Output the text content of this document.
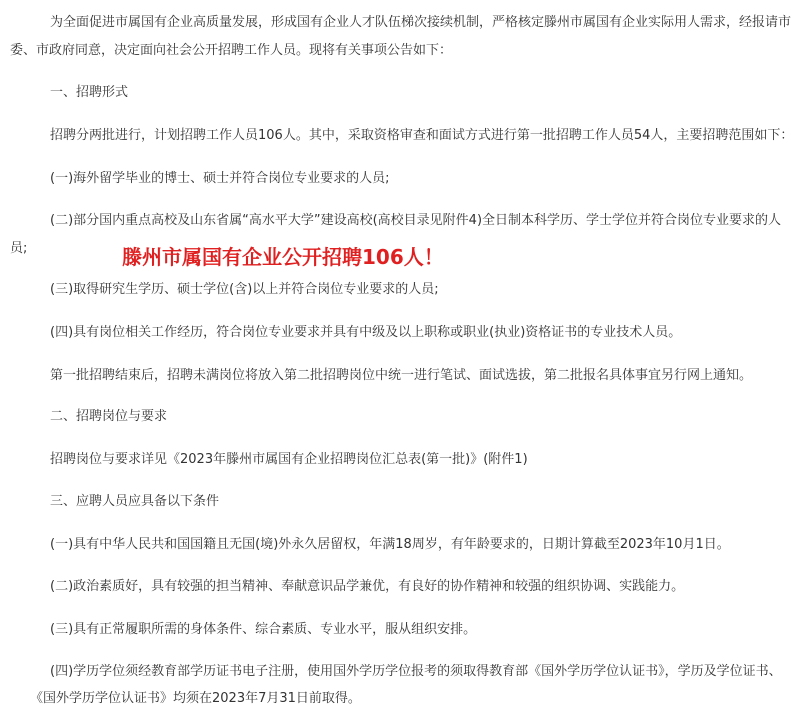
为全面促进市属国有企业高质量发展，形成国有企业人才队伍梯次接续机制，严格核定滕州市属国有企业实际用人需求，经报请市
委、市政府同意，决定面向社会公开招聘工作人员。现将有关事项公告如下：
一、招聘形式
招聘分两批进行，计划招聘工作人员106人。其中，采取资格审查和面试方式进行第一批招聘工作人员54人，主要招聘范围如下：
(一)海外留学毕业的博士、硕士并符合岗位专业要求的人员;
(二)部分国内重点高校及山东省属“高水平大学”建设高校(高校目录见附件4)全日制本科学历、学士学位并符合岗位专业要求的人
员;	滕州市属国有企业公开招聘106人！
(三)取得研究生学历、硕士学位(含)以上并符合岗位专业要求的人员;
(四)具有岗位相关工作经历，符合岗位专业要求并具有中级及以上职称或职业(执业)资格证书的专业技术人员。
第一批招聘结束后，招聘未满岗位将放入第二批招聘岗位中统一进行笔试、面试选拔，第二批报名具体事宜另行网上通知。
二、招聘岗位与要求
招聘岗位与要求详见《2023年滕州市属国有企业招聘岗位汇总表(第一批)》(附件1)
三、应聘人员应具备以下条件
(一)具有中华人民共和国国籍且无国(境)外永久居留权，年满18周岁，有年龄要求的，日期计算截至2023年10月1日。
(二)政治素质好，具有较强的担当精神、奉献意识品学兼优，有良好的协作精神和较强的组织协调、实践能力。
(三)具有正常履职所需的身体条件、综合素质、专业水平，服从组织安排。
(四)学历学位须经教育部学历证书电子注册，使用国外学历学位报考的须取得教育部《国外学历学位认证书》，学历及学位证书、
《国外学历学位认证书》均须在2023年7月31日前取得。
